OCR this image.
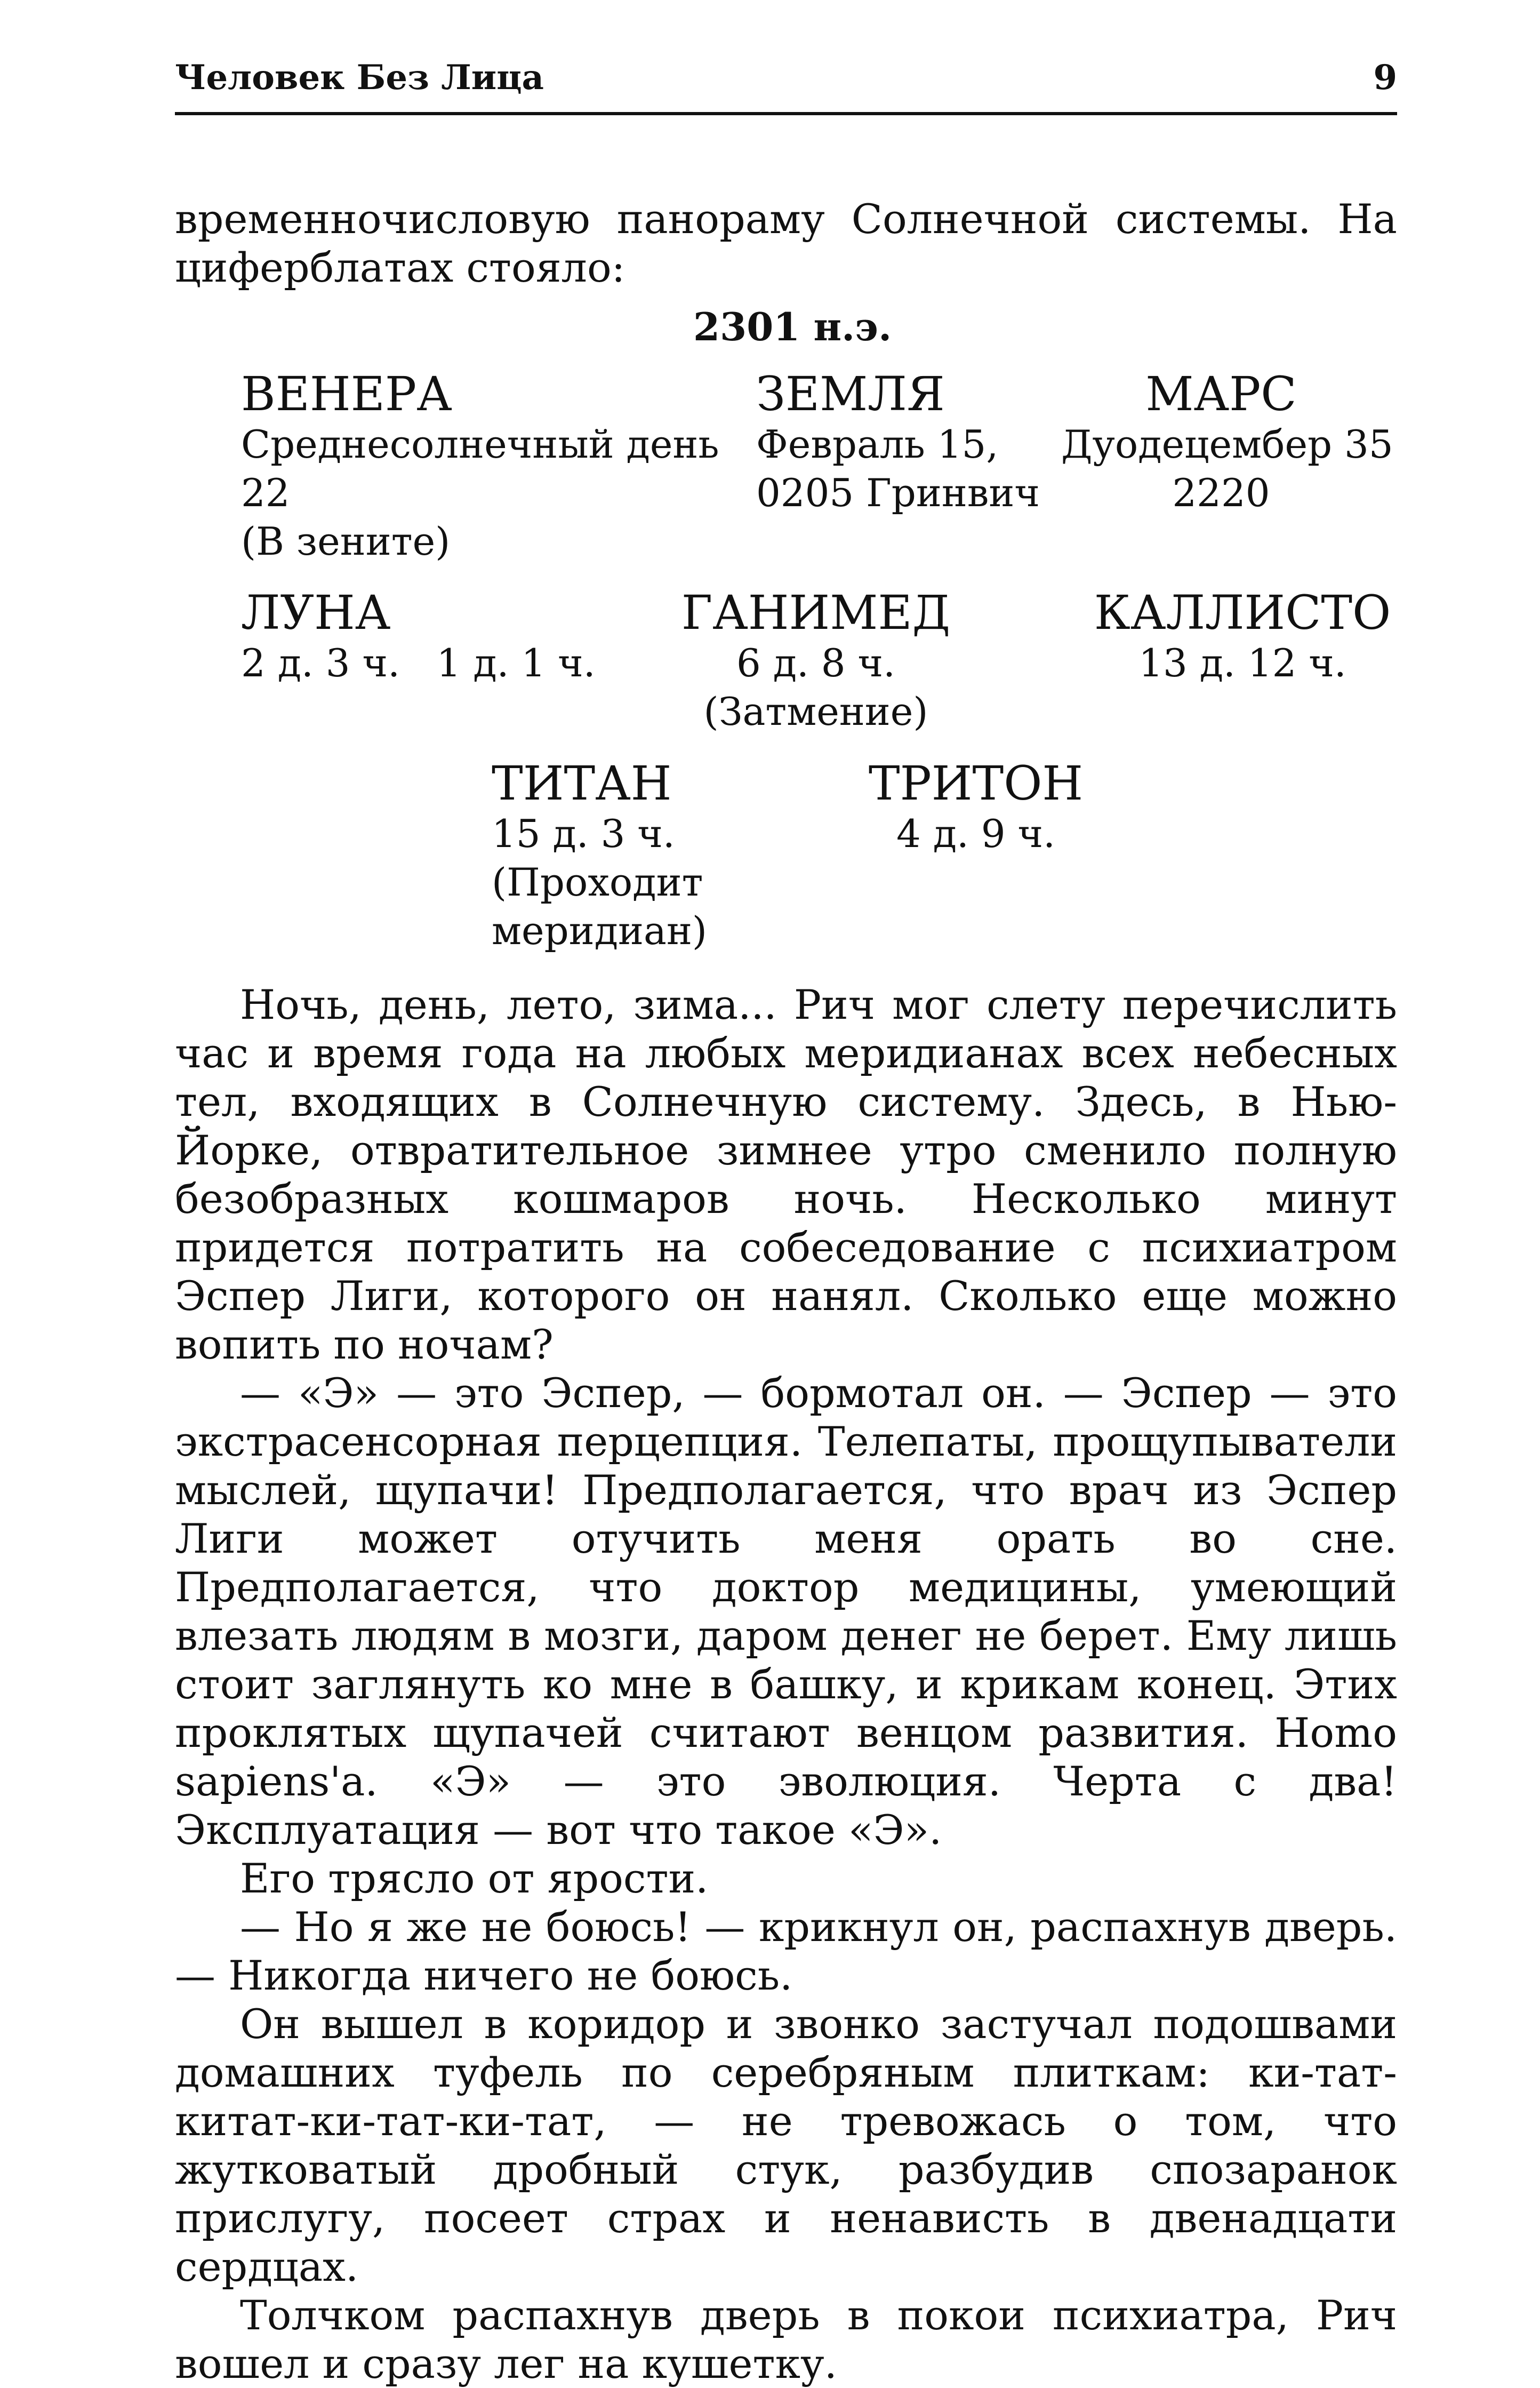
Человек Без Лица	9

временночисловую панораму Солнечной системы. На циферблатах стояло:

2301 н.э.
ВЕНЕРА
Среднесолнечный день
22
(В зените)
ЗЕМЛЯ
Февраль 15,
0205 Гринвич
МАРС
Дуодецембер 35
2220
ЛУНА
2 д. 3 ч.   1 д. 1 ч.
ГАНИМЕД
6 д. 8 ч.
(Затмение)
КАЛЛИСТО
13 д. 12 ч.
ТИТАН
15 д. 3 ч.
(Проходит
меридиан)
ТРИТОН
4 д. 9 ч.

Ночь, день, лето, зима... Рич мог слету перечислить час и время года на любых меридианах всех небесных тел, входящих в Солнечную систему. Здесь, в Нью-Йорке, отвратительное зимнее утро сменило полную безобразных кошмаров ночь. Несколько минут придется потратить на собеседование с психиатром Эспер Лиги, которого он нанял. Сколько еще можно вопить по ночам?

— «Э» — это Эспер, — бормотал он. — Эспер — это экстрасенсорная перцепция. Телепаты, прощупыватели мыслей, щупачи! Предполагается, что врач из Эспер Лиги может отучить меня орать во сне. Предполагается, что доктор медицины, умеющий влезать людям в мозги, даром денег не берет. Ему лишь стоит заглянуть ко мне в башку, и крикам конец. Этих проклятых щупачей считают венцом развития. Homo sapiens'а. «Э» — это эволюция. Черта с два! Эксплуатация — вот что такое «Э».

Его трясло от ярости.

— Но я же не боюсь! — крикнул он, распахнув дверь. — Никогда ничего не боюсь.

Он вышел в коридор и звонко застучал подошвами домашних туфель по серебряным плиткам: ки-тат-китат-ки-тат-ки-тат, — не тревожась о том, что жутковатый дробный стук, разбудив спозаранок прислугу, посеет страх и ненависть в двенадцати сердцах.

Толчком распахнув дверь в покои психиатра, Рич вошел и сразу лег на кушетку.
